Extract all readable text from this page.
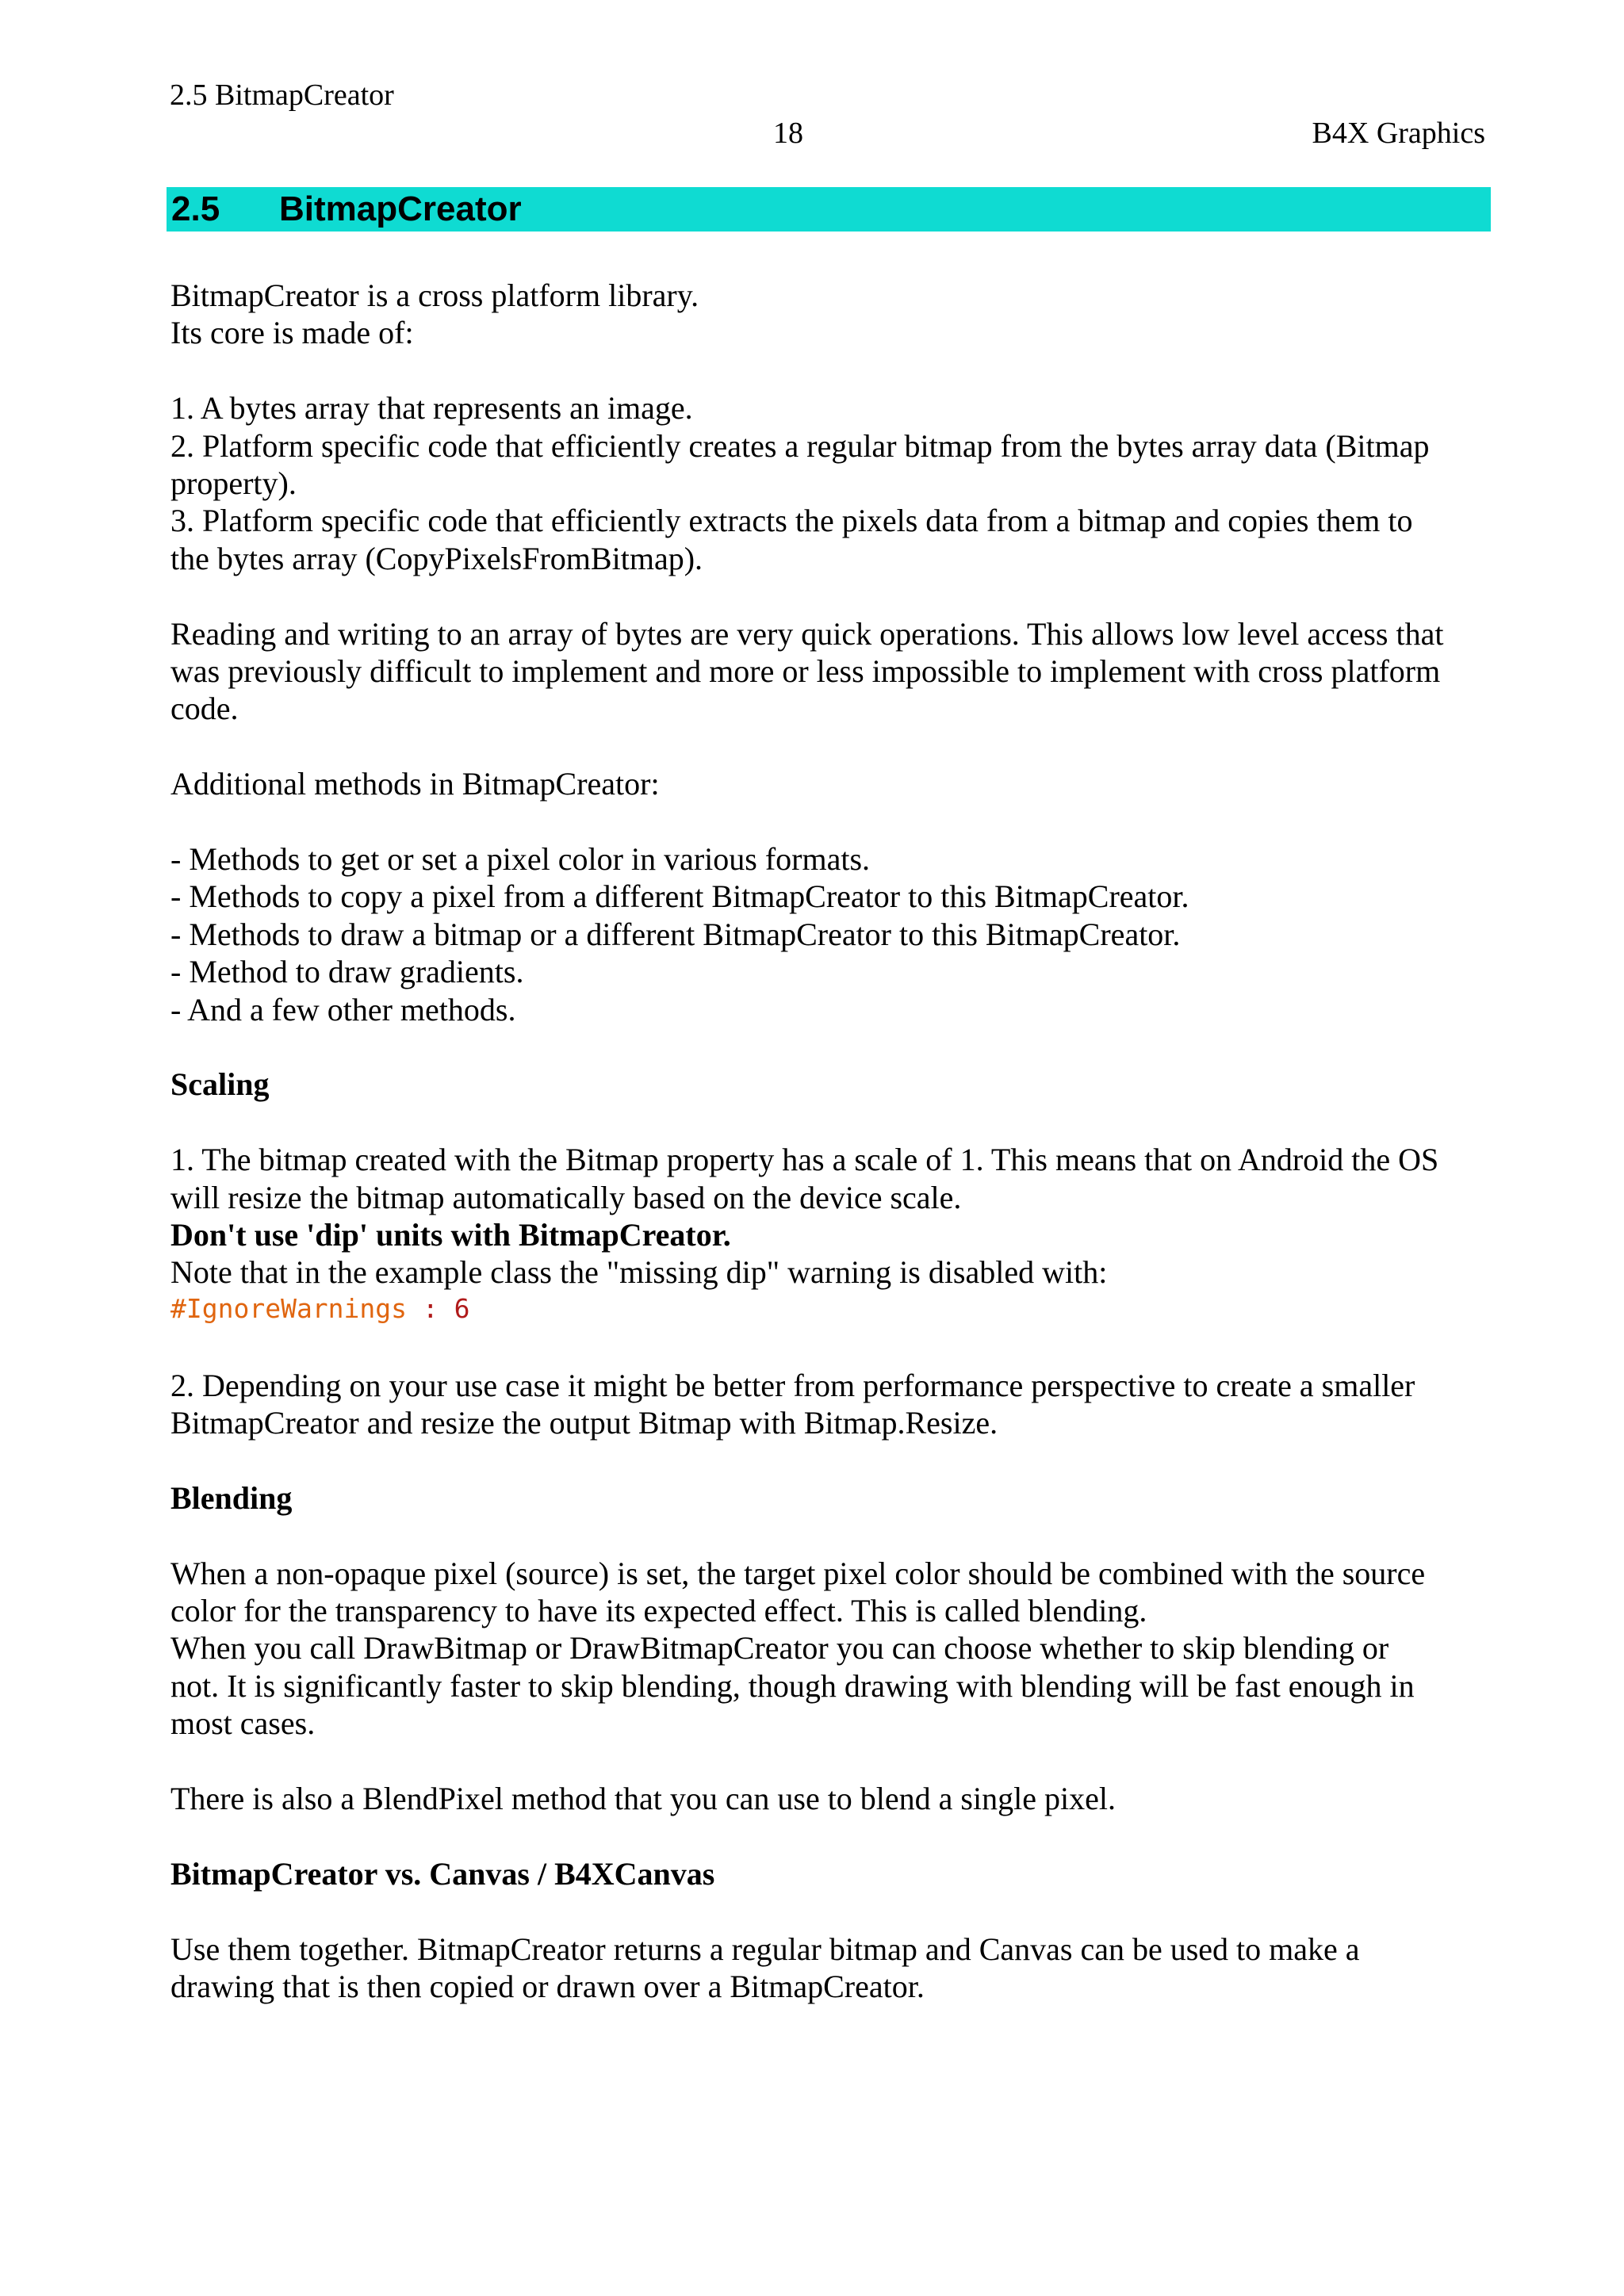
2.5 BitmapCreator
18	B4X Graphics
2.5 BitmapCreator
BitmapCreator is a cross platform library.
Its core is made of:
1. A bytes array that represents an image.
2. Platform specific code that efficiently creates a regular bitmap from the bytes array data (Bitmap
property).
3. Platform specific code that efficiently extracts the pixels data from a bitmap and copies them to
the bytes array (CopyPixelsFromBitmap).
Reading and writing to an array of bytes are very quick operations. This allows low level access that
was previously difficult to implement and more or less impossible to implement with cross platform
code.
Additional methods in BitmapCreator:
- Methods to get or set a pixel color in various formats.
- Methods to copy a pixel from a different BitmapCreator to this BitmapCreator.
- Methods to draw a bitmap or a different BitmapCreator to this BitmapCreator.
- Method to draw gradients.
- And a few other methods.
Scaling
1. The bitmap created with the Bitmap property has a scale of 1. This means that on Android the OS
will resize the bitmap automatically based on the device scale.
Don't use 'dip' units with BitmapCreator.
Note that in the example class the "missing dip" warning is disabled with:
#IgnoreWarnings : 6
2. Depending on your use case it might be better from performance perspective to create a smaller
BitmapCreator and resize the output Bitmap with Bitmap.Resize.
Blending
When a non-opaque pixel (source) is set, the target pixel color should be combined with the source
color for the transparency to have its expected effect. This is called blending.
When you call DrawBitmap or DrawBitmapCreator you can choose whether to skip blending or
not. It is significantly faster to skip blending, though drawing with blending will be fast enough in
most cases.
There is also a BlendPixel method that you can use to blend a single pixel.
BitmapCreator vs. Canvas / B4XCanvas
Use them together. BitmapCreator returns a regular bitmap and Canvas can be used to make a
drawing that is then copied or drawn over a BitmapCreator.
